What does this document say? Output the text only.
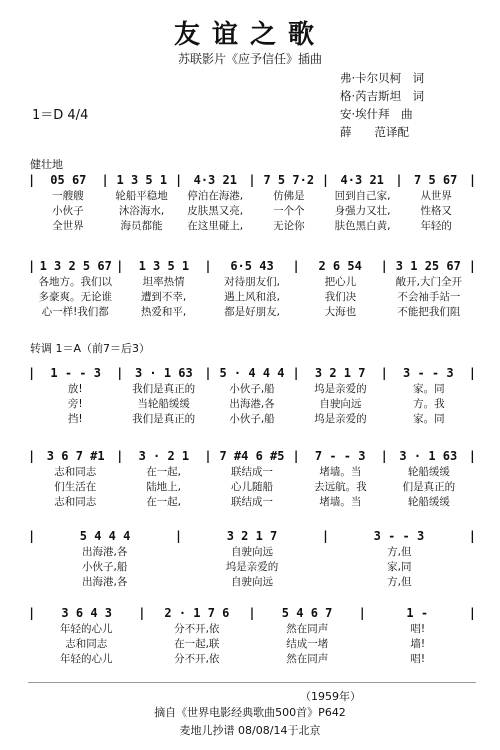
友谊之歌
苏联影片《应予信任》插曲
弗·卡尔贝柯　词
格·芮吉斯坦　词
安·埃什拜　曲
薛　　范译配
1＝D 4/4
健壮地
转调 1＝A（前7＝后3）
|	05 67	| 1 3 5 1 | 4·3 21 | 7 5 7·2 | 4·3 21 | 7 5 67 |
一艘艘	轮船平稳地	停泊在海港,	仿佛是	回到自己家,	从世界
小伙子	沐浴海水,	皮肤黑又亮,	一个个	身强力又壮,	性格又
全世界	海员都能	在这里碰上,	无论你	肤色黑白黄,	年轻的
| 1 3 2 5 67 |	1 3 5 1	|	6·5 43	|	2 6 54	| 3 1 25 67 |
各地方。我们以	坦率热情	对待朋友们,	把心儿	敞开,大门全开
多豪爽。无论谁	遭到不幸,	遇上风和浪,	我们决	不会袖手站一
心一样!我们都	热爱和平,	都是好朋友,	大海也	不能把我们阻
|	1 - - 3	| 3 · 1 63 | 5 · 4 4 4 |	3 2 1 7	|	3 - - 3	|
放!	我们是真正的	小伙子,船	坞是亲爱的	家。同
旁!	当轮船缓缓	出海港,各	自驶向远	方。我
挡!	我们是真正的	小伙子,船	坞是亲爱的	家。同
| 3 6 7 #1 |	3 · 2 1	| 7 #4 6 #5 |	7 - - 3	| 3 · 1 63 |
志和同志	在一起,	联结成一	堵墙。当	轮船缓缓
们生活在	陆地上,	心儿随船	去远航。我	们是真正的
志和同志	在一起,	联结成一	堵墙。当	轮船缓缓
|	5 4 4 4	|	3 2 1 7	|	3 - - 3	|
出海港,各	自驶向远	方,但
小伙子,船	坞是亲爱的	家,同
出海港,各	自驶向远	方,但
|	3 6 4 3	|	2 · 1 7 6	|	5 4 6 7	|	1 -	|
年轻的心儿	分不开,依	然在同声	唱!
志和同志	在一起,联	结成一堵	墙!
年轻的心儿	分不开,依	然在同声	唱!
（1959年）
摘自《世界电影经典歌曲500首》P642
麦地儿抄谱 08/08/14于北京
